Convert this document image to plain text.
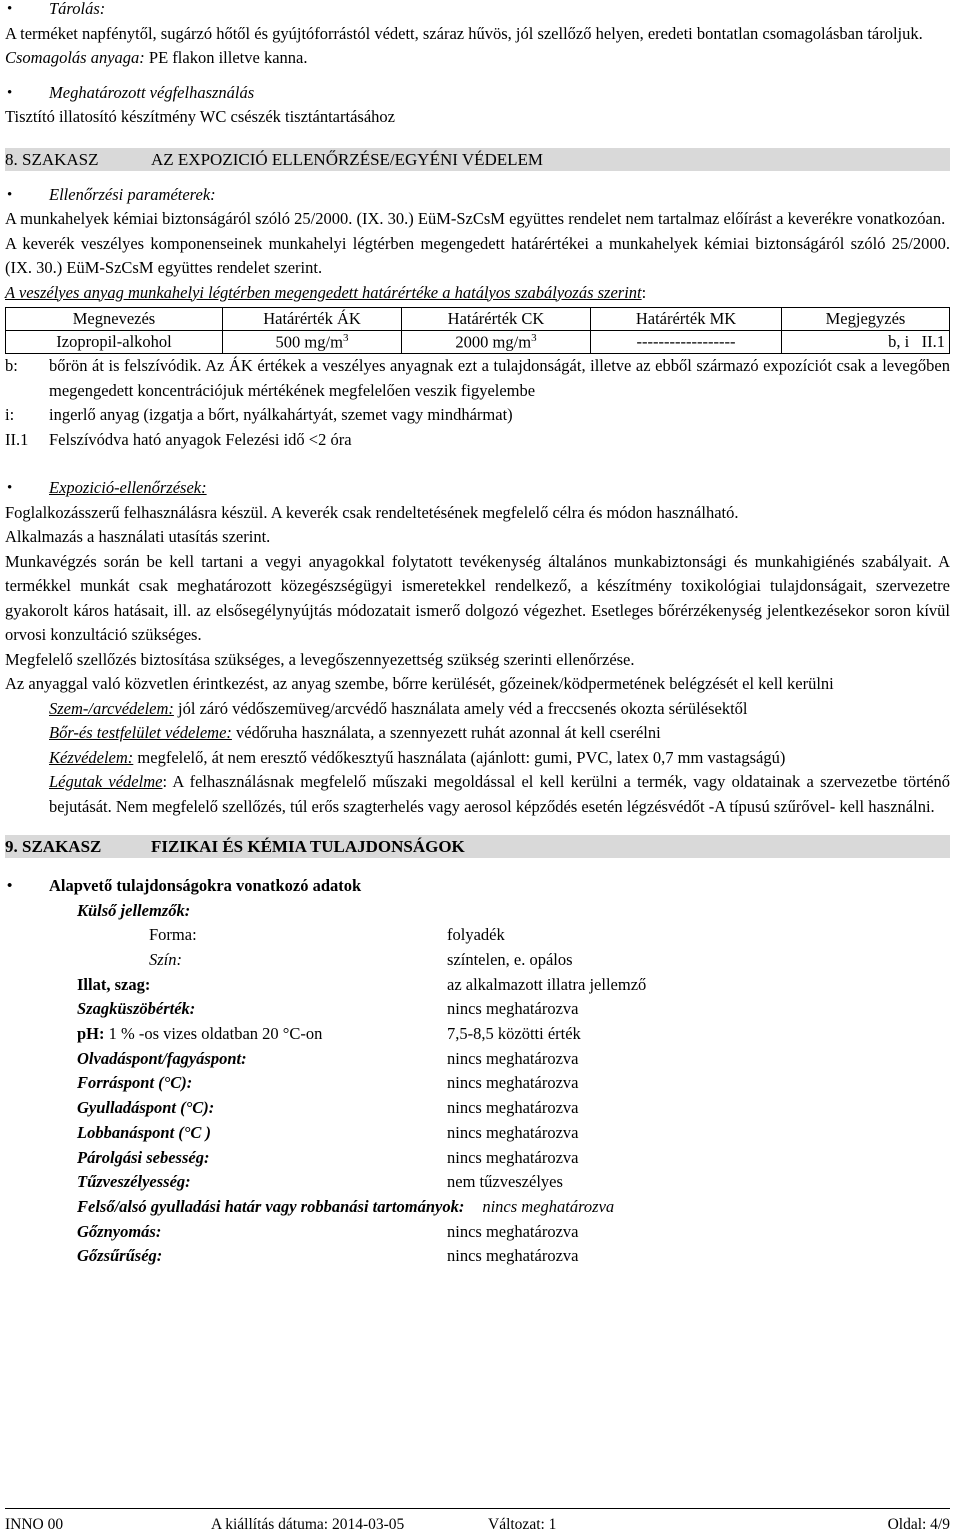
• Tárolás:

A terméket napfénytől, sugárzó hőtől és gyújtóforrástól védett, száraz hűvös, jól szellőző helyen, eredeti bontatlan csomagolásban tároljuk.

Csomagolás anyaga: PE flakon illetve kanna.

• Meghatározott végfelhasználás

Tisztító illatosító készítmény WC csészék tisztántartásához

8. SZAKASZ	AZ EXPOZICIÓ ELLENŐRZÉSE/EGYÉNI VÉDELEM
• Ellenőrzési paraméterek:

A munkahelyek kémiai biztonságáról szóló 25/2000. (IX. 30.) EüM-SzCsM együttes rendelet nem tartalmaz előírást a keverékre vonatkozóan.

A keverék veszélyes komponenseinek munkahelyi légtérben megengedett határértékei a munkahelyek kémiai biztonságáról szóló 25/2000. (IX. 30.) EüM-SzCsM együttes rendelet szerint.

A veszélyes anyag munkahelyi légtérben megengedett határértéke a hatályos szabályozás szerint:

Megnevezés	Határérték ÁK	Határérték CK	Határérték MK	Megjegyzés
Izopropil-alkohol	500 $mg/m^3$	2000 $mg/m^3$	------------------	b, i   II.1
b:	bőrön át is felszívódik. Az ÁK értékek a veszélyes anyagnak ezt a tulajdonságát, illetve az ebből származó expozíciót csak a levegőben megengedett koncentrációjuk mértékének megfelelően veszik figyelembe
i:	ingerlő anyag (izgatja a bőrt, nyálkahártyát, szemet vagy mindhármat)
II.1	Felszívódva ható anyagok Felezési idő <2 óra
• Expozició-ellenőrzések:

Foglalkozásszerű felhasználásra készül. A keverék csak rendeltetésének megfelelő célra és módon használható.

Alkalmazás a használati utasítás szerint.

Munkavégzés során be kell tartani a vegyi anyagokkal folytatott tevékenység általános munkabiztonsági és munkahigiénés szabályait. A termékkel munkát csak meghatározott közegészségügyi ismeretekkel rendelkező, a készítmény toxikológiai tulajdonságait, szervezetre gyakorolt káros hatásait, ill. az elsősegélynyújtás módozatait ismerő dolgozó végezhet. Esetleges bőrérzékenység jelentkezésekor soron kívül orvosi konzultáció szükséges.

Megfelelő szellőzés biztosítása szükséges, a levegőszennyezettség szükség szerinti ellenőrzése.

Az anyaggal való közvetlen érintkezést, az anyag szembe, bőrre kerülését, gőzeinek/ködpermetének belégzését el kell kerülni

Szem-/arcvédelem: jól záró védőszemüveg/arcvédő használata amely véd a freccsenés okozta sérülésektől

Bőr-és testfelület védeleme: védőruha használata, a szennyezett ruhát azonnal át kell cserélni

Kézvédelem: megfelelő, át nem eresztő védőkesztyű használata (ajánlott: gumi, PVC, latex 0,7 mm vastagságú)

Légutak védelme: A felhasználásnak megfelelő műszaki megoldással el kell kerülni a termék, vagy oldatainak a szervezetbe történő bejutását. Nem megfelelő szellőzés, túl erős szagterhelés vagy aerosol képződés esetén légzésvédőt -A típusú szűrővel- kell használni.

9. SZAKASZ	FIZIKAI ÉS KÉMIA TULAJDONSÁGOK
• Alapvető tulajdonságokra vonatkozó adatok
Külső jellemzők:
Forma:	folyadék
Szín:	színtelen, e. opálos
Illat, szag:	az alkalmazott illatra jellemző
Szagküszöbérték:	nincs meghatározva
pH: 1 % -os vizes oldatban 20 °C-on	7,5-8,5 közötti érték
Olvadáspont/fagyáspont:	nincs meghatározva
Forráspont (°C):	nincs meghatározva
Gyulladáspont (°C):	nincs meghatározva
Lobbanáspont (°C )	nincs meghatározva
Párolgási sebesség:	nincs meghatározva
Tűzveszélyesség:	nem tűzveszélyes
Felső/alsó gyulladási határ vagy robbanási tartományok: nincs meghatározva
Gőznyomás:	nincs meghatározva
Gőzsűrűség:	nincs meghatározva
INNO 00	A kiállítás dátuma: 2014-03-05	Változat: 1	Oldal: 4/9
